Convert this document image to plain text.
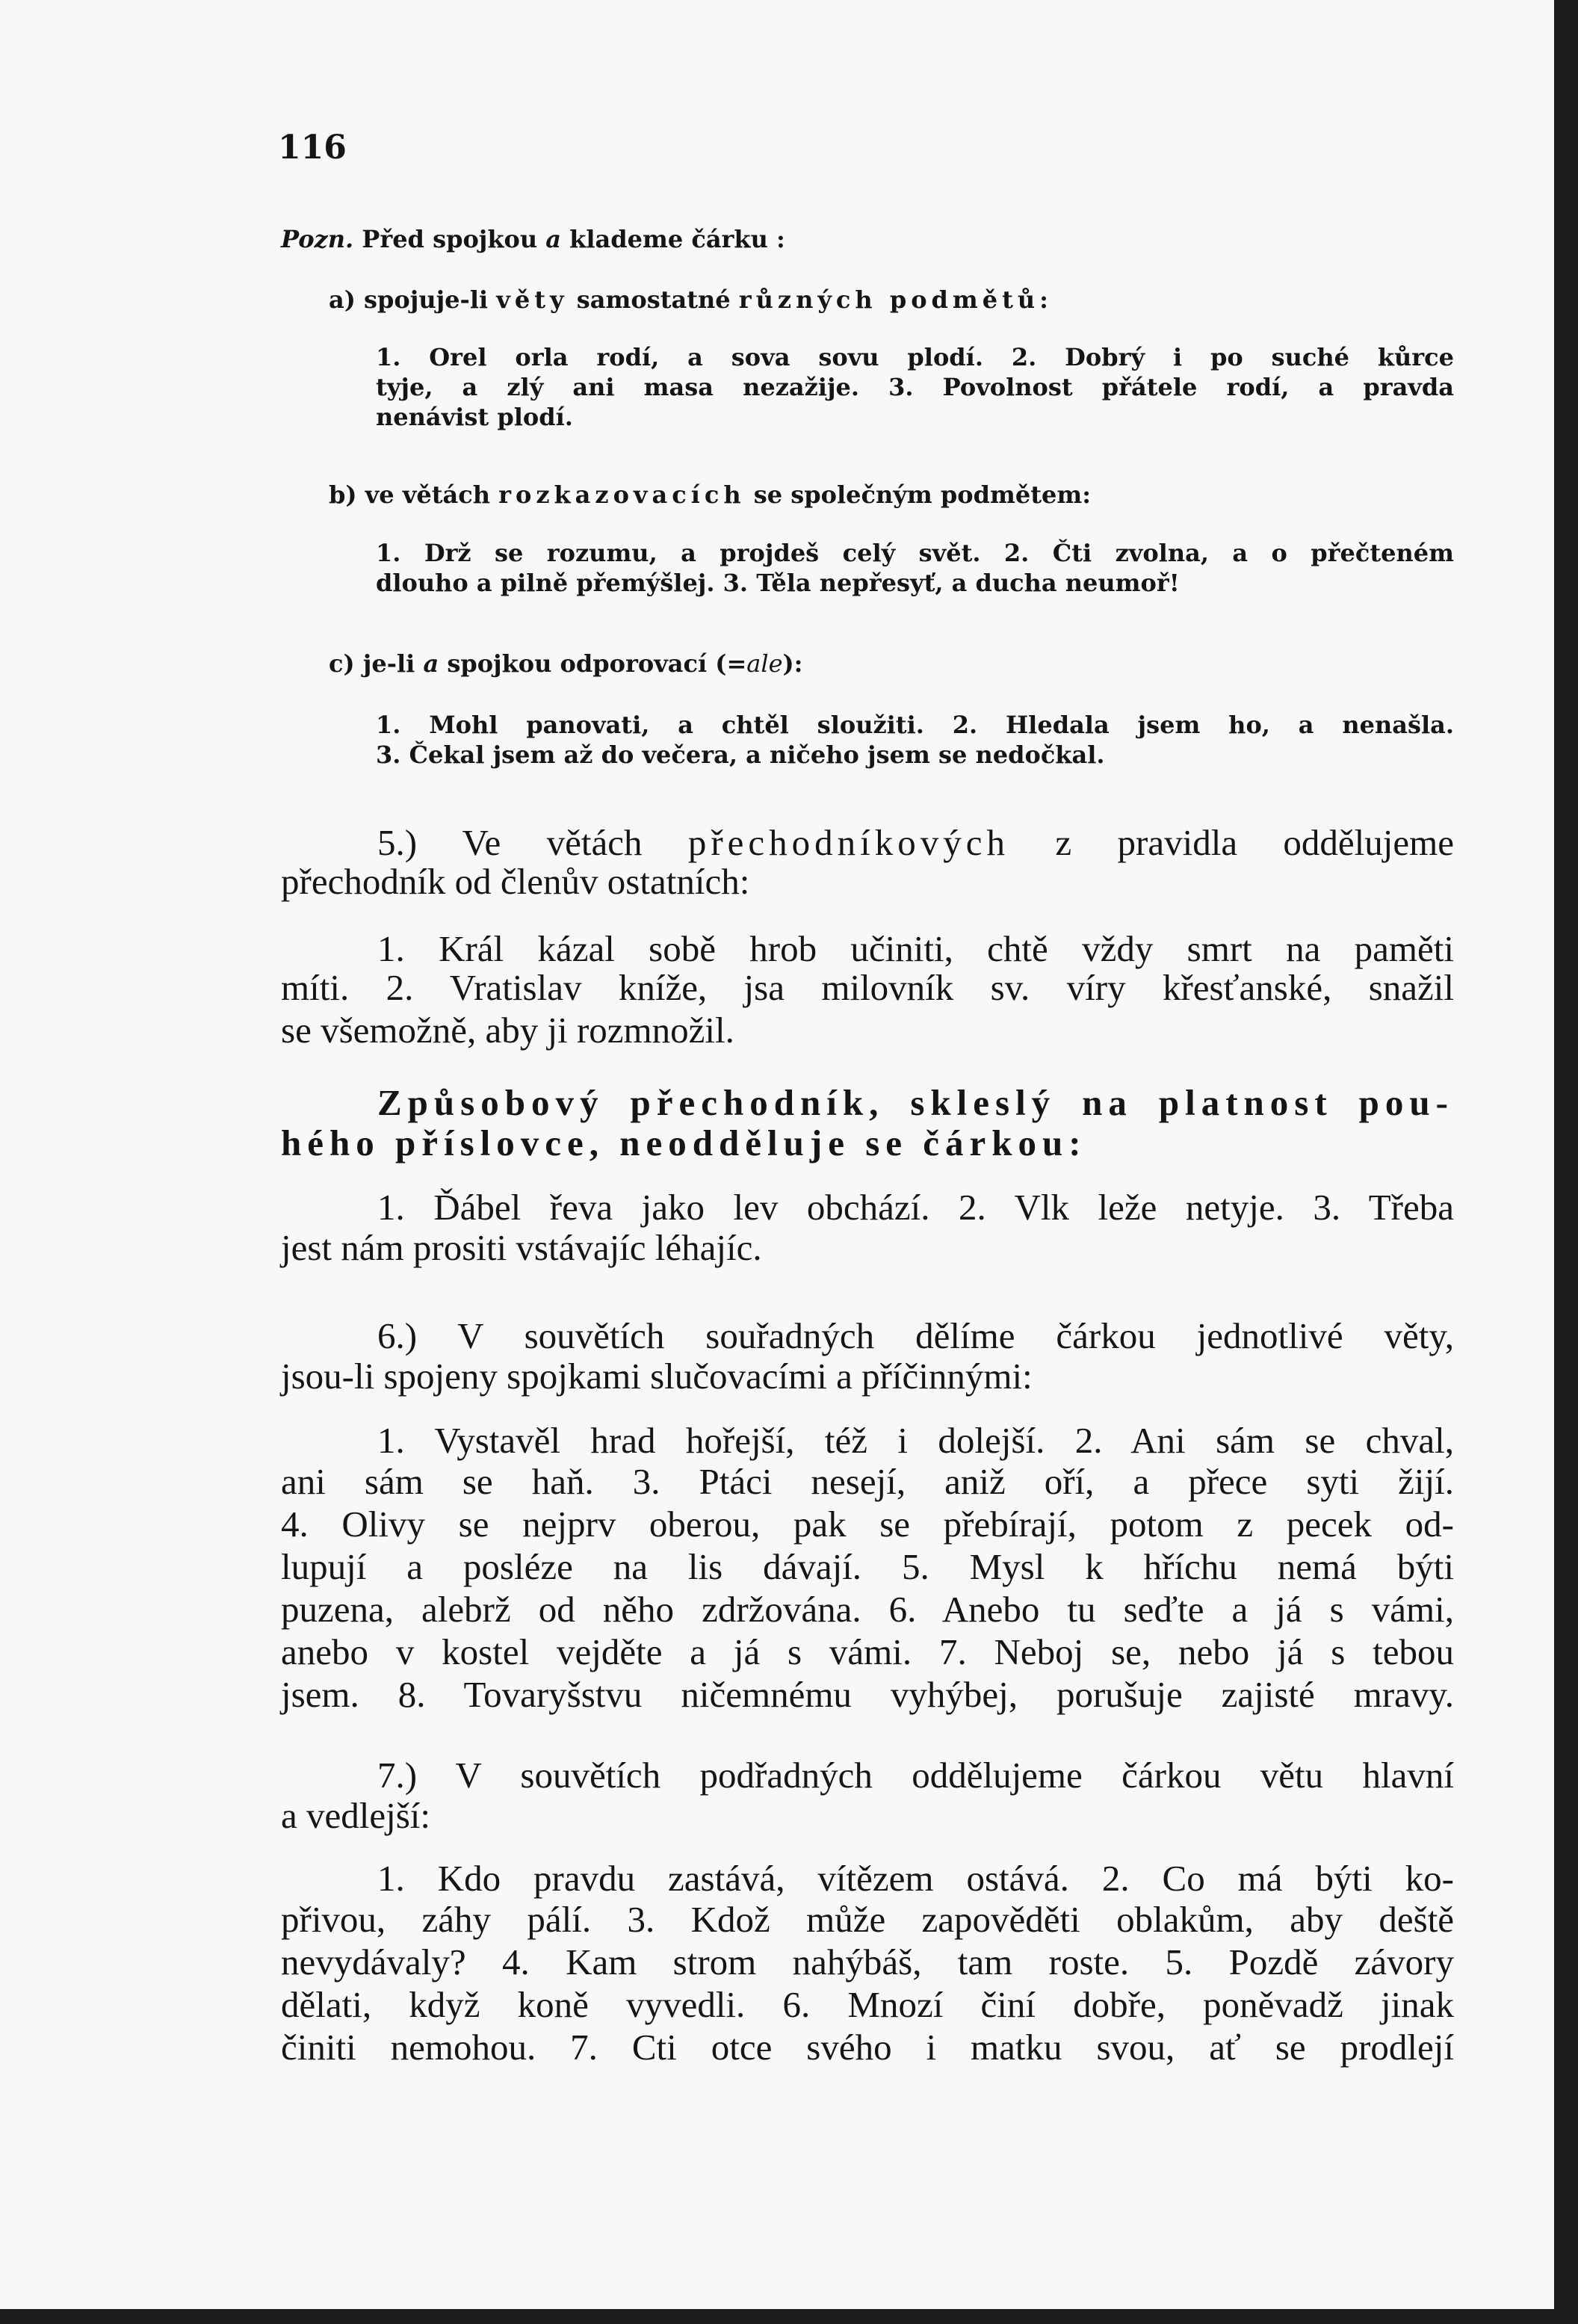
116
Pozn. Před spojkou a klademe čárku :
a) spojuje-li věty samostatné různých podmětů:
1. Orel orla rodí, a sova sovu plodí. 2. Dobrý i po suché kůrce
tyje, a zlý ani masa nezažije. 3. Povolnost přátele rodí, a pravda
nenávist plodí.
b) ve větách rozkazovacích se společným podmětem:
1. Drž se rozumu, a projdeš celý svět. 2. Čti zvolna, a o přečteném
dlouho a pilně přemýšlej. 3. Těla nepřesyť, a ducha neumoř!
c) je-li a spojkou odporovací (=ale):
1. Mohl panovati, a chtěl sloužiti. 2. Hledala jsem ho, a nenašla.
3. Čekal jsem až do večera, a ničeho jsem se nedočkal.
5.) Ve větách přechodníkových z pravidla oddělujeme
přechodník od členův ostatních:
1. Král kázal sobě hrob učiniti, chtě vždy smrt na paměti
míti. 2. Vratislav kníže, jsa milovník sv. víry křesťanské, snažil
se všemožně, aby ji rozmnožil.
Způsobový přechodník, skleslý na platnost pou-
hého příslovce, neodděluje se čárkou:
1. Ďábel řeva jako lev obchází. 2. Vlk leže netyje. 3. Třeba
jest nám prositi vstávajíc léhajíc.
6.) V souvětích souřadných dělíme čárkou jednotlivé věty,
jsou-li spojeny spojkami slučovacími a příčinnými:
1. Vystavěl hrad hořejší, též i dolejší. 2. Ani sám se chval,
ani sám se haň. 3. Ptáci nesejí, aniž oří, a přece syti žijí.
4. Olivy se nejprv oberou, pak se přebírají, potom z pecek od-
lupují a posléze na lis dávají. 5. Mysl k hříchu nemá býti
puzena, alebrž od něho zdržována. 6. Anebo tu seďte a já s vámi,
anebo v kostel vejděte a já s vámi. 7. Neboj se, nebo já s tebou
jsem. 8. Tovaryšstvu ničemnému vyhýbej, porušuje zajisté mravy.
7.) V souvětích podřadných oddělujeme čárkou větu hlavní
a vedlejší:
1. Kdo pravdu zastává, vítězem ostává. 2. Co má býti ko-
přivou, záhy pálí. 3. Kdož může zapověděti oblakům, aby deště
nevydávaly? 4. Kam strom nahýbáš, tam roste. 5. Pozdě závory
dělati, když koně vyvedli. 6. Mnozí činí dobře, poněvadž jinak
činiti nemohou. 7. Cti otce svého i matku svou, ať se prodlejí
